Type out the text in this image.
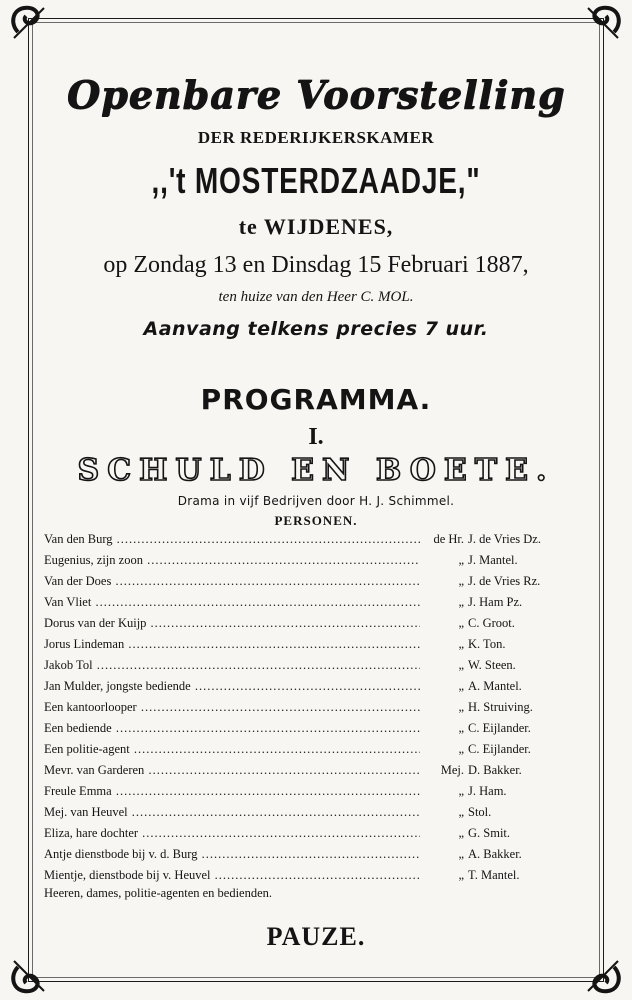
Openbare Voorstelling
DER REDERIJKERSKAMER
,,'t MOSTERDZAADJE,"
te WIJDENES,
op Zondag 13 en Dinsdag 15 Februari 1887,
ten huize van den Heer C. MOL.
Aanvang telkens precies 7 uur.
PROGRAMMA.
I.
SCHULD EN BOETE.
Drama in vijf Bedrijven door H. J. Schimmel.
PERSONEN.
Van den Burg .....	de Hr. J. de Vries Dz.
Eugenius, zijn zoon .....	„ J. Mantel.
Van der Does .....	„ J. de Vries Rz.
Van Vliet .....	„ J. Ham Pz.
Dorus van der Kuijp .....	„ C. Groot.
Jorus Lindeman .....	„ K. Ton.
Jakob Tol .....	„ W. Steen.
Jan Mulder, jongste bediende .....	„ A. Mantel.
Een kantoorlooper .....	„ H. Struiving.
Een bediende .....	„ C. Eijlander.
Een politie-agent .....	„ C. Eijlander.
Mevr. van Garderen .....	Mej. D. Bakker.
Freule Emma .....	„ J. Ham.
Mej. van Heuvel .....	„ Stol.
Eliza, hare dochter .....	„ G. Smit.
Antje dienstbode bij v. d. Burg .....	„ A. Bakker.
Mientje, dienstbode bij v. Heuvel .....	„ T. Mantel.
Heeren, dames, politie-agenten en bedienden.
PAUZE.
